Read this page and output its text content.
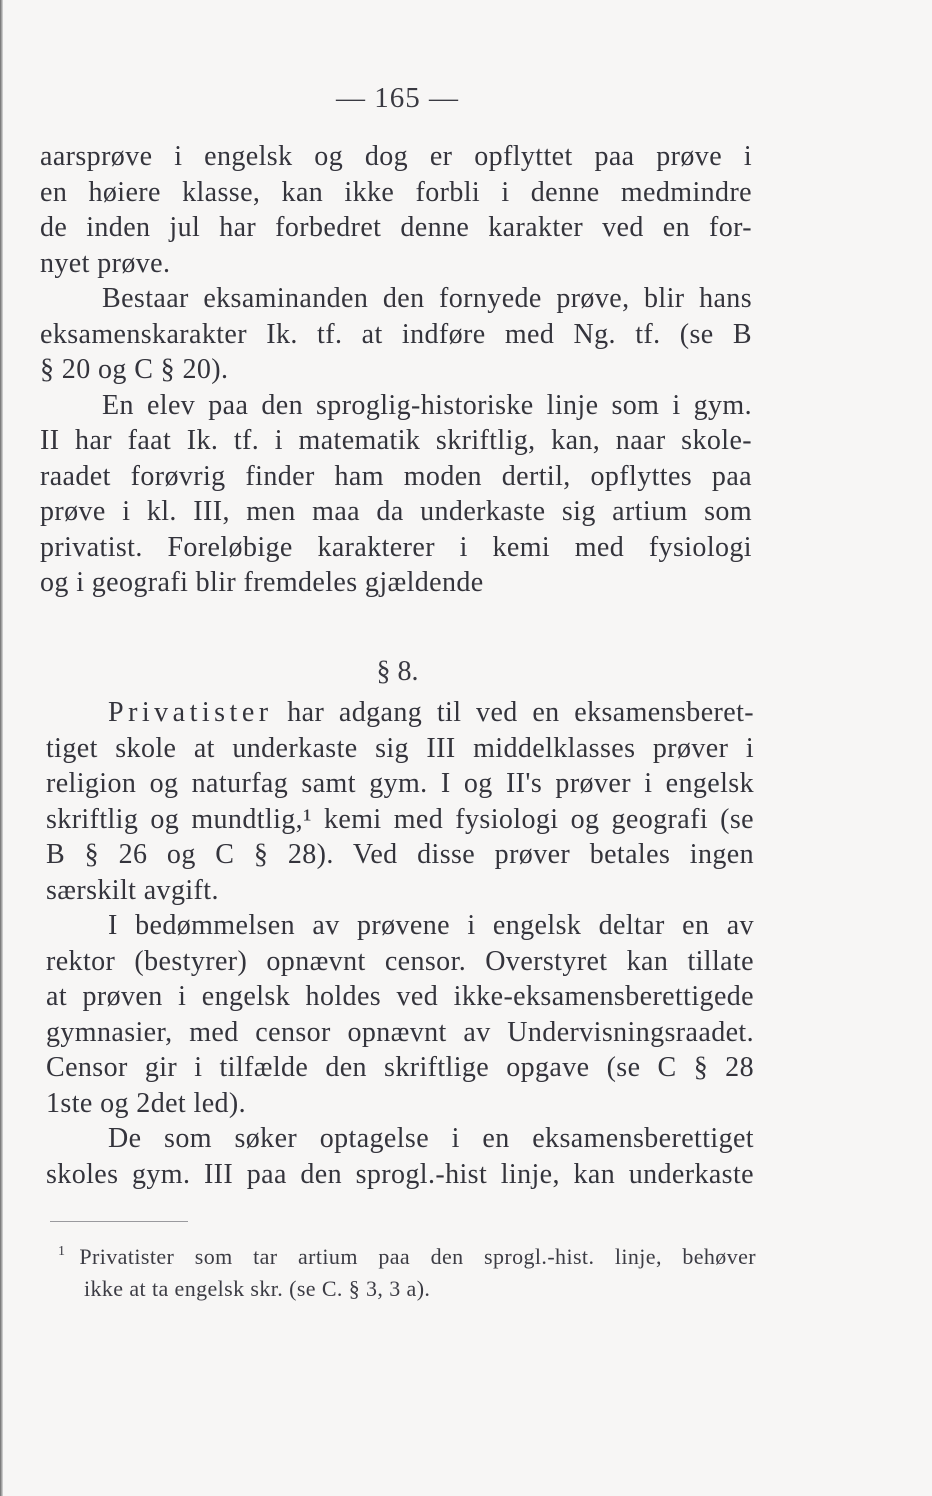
— 165 —
aarsprøve i engelsk og dog er opflyttet paa prøve i
en høiere klasse, kan ikke forbli i denne medmindre
de inden jul har forbedret denne karakter ved en for-
nyet prøve.
Bestaar eksaminanden den fornyede prøve, blir hans
eksamenskarakter Ik. tf. at indføre med Ng. tf. (se B
§ 20 og C § 20).
En elev paa den sproglig-historiske linje som i gym.
II har faat Ik. tf. i matematik skriftlig, kan, naar skole-
raadet forøvrig finder ham moden dertil, opflyttes paa
prøve i kl. III, men maa da underkaste sig artium som
privatist. Foreløbige karakterer i kemi med fysiologi
og i geografi blir fremdeles gjældende
§ 8.
Privatister har adgang til ved en eksamensberet-
tiget skole at underkaste sig III middelklasses prøver i
religion og naturfag samt gym. I og II's prøver i engelsk
skriftlig og mundtlig,¹ kemi med fysiologi og geografi (se
B § 26 og C § 28). Ved disse prøver betales ingen
særskilt avgift.
I bedømmelsen av prøvene i engelsk deltar en av
rektor (bestyrer) opnævnt censor. Overstyret kan tillate
at prøven i engelsk holdes ved ikke-eksamensberettigede
gymnasier, med censor opnævnt av Undervisningsraadet.
Censor gir i tilfælde den skriftlige opgave (se C § 28
1ste og 2det led).
De som søker optagelse i en eksamensberettiget
skoles gym. III paa den sprogl.-hist linje, kan underkaste
$^1$ Privatister som tar artium paa den sprogl.-hist. linje, behøver
ikke at ta engelsk skr. (se C. § 3, 3 a).
